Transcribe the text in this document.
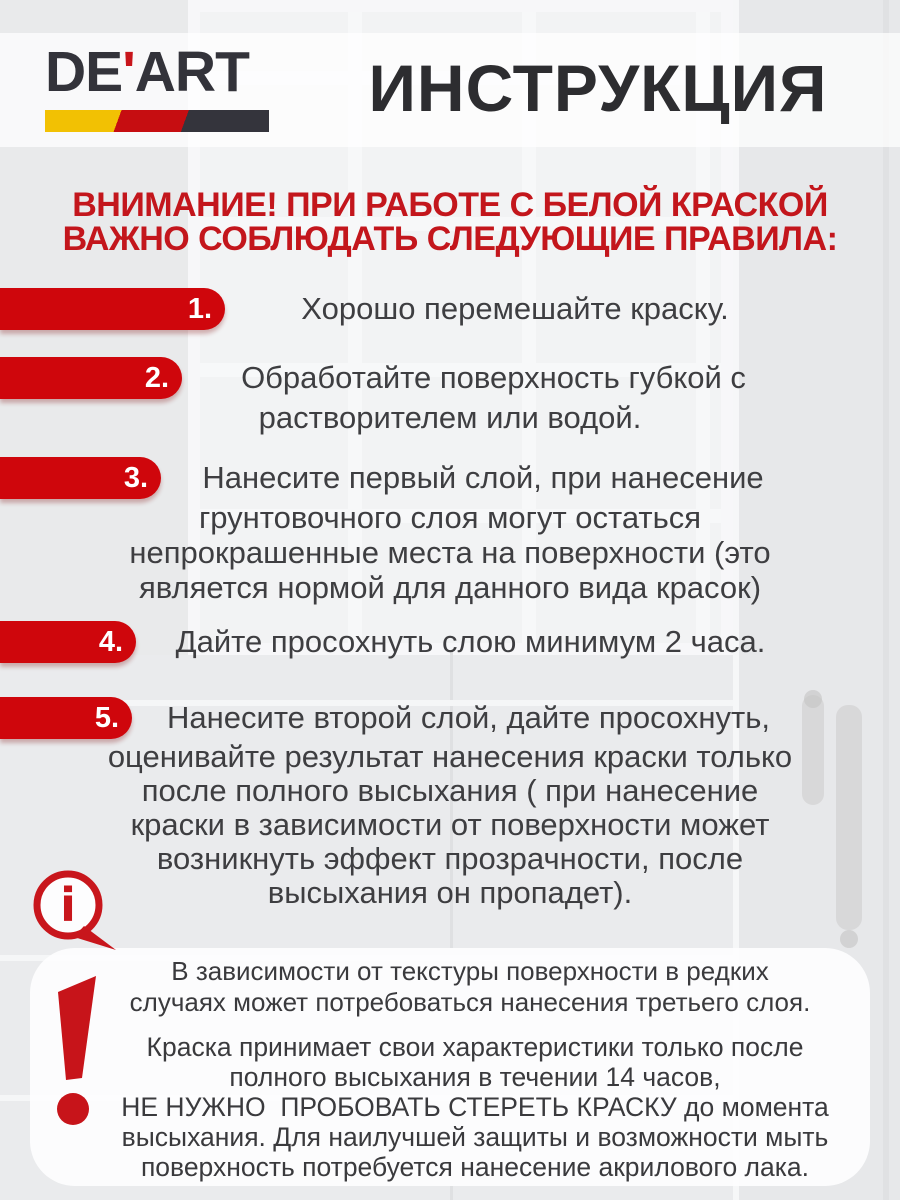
DE'ART	ИНСТРУКЦИЯ
ВНИМАНИЕ! ПРИ РАБОТЕ С БЕЛОЙ КРАСКОЙ
ВАЖНО СОБЛЮДАТЬ СЛЕДУЮЩИЕ ПРАВИЛА:
1.	Хорошо перемешайте краску.
2.	Обработайте поверхность губкой с
растворителем или водой.
3.	Нанесите первый слой, при нанесение
грунтовочного слоя могут остаться
непрокрашенные места на поверхности (это
является нормой для данного вида красок)
4.	Дайте просохнуть слою минимум 2 часа.
5.	Нанесите второй слой, дайте просохнуть,
оценивайте результат нанесения краски только
после полного высыхания ( при нанесение
краски в зависимости от поверхности может
возникнуть эффект прозрачности, после
высыхания он пропадет).
i
В зависимости от текстуры поверхности в редких
случаях может потребоваться нанесения третьего слоя.
Краска принимает свои характеристики только после
полного высыхания в течении 14 часов,
НЕ НУЖНО  ПРОБОВАТЬ СТЕРЕТЬ КРАСКУ до момента
высыхания. Для наилучшей защиты и возможности мыть
поверхность потребуется нанесение акрилового лака.
